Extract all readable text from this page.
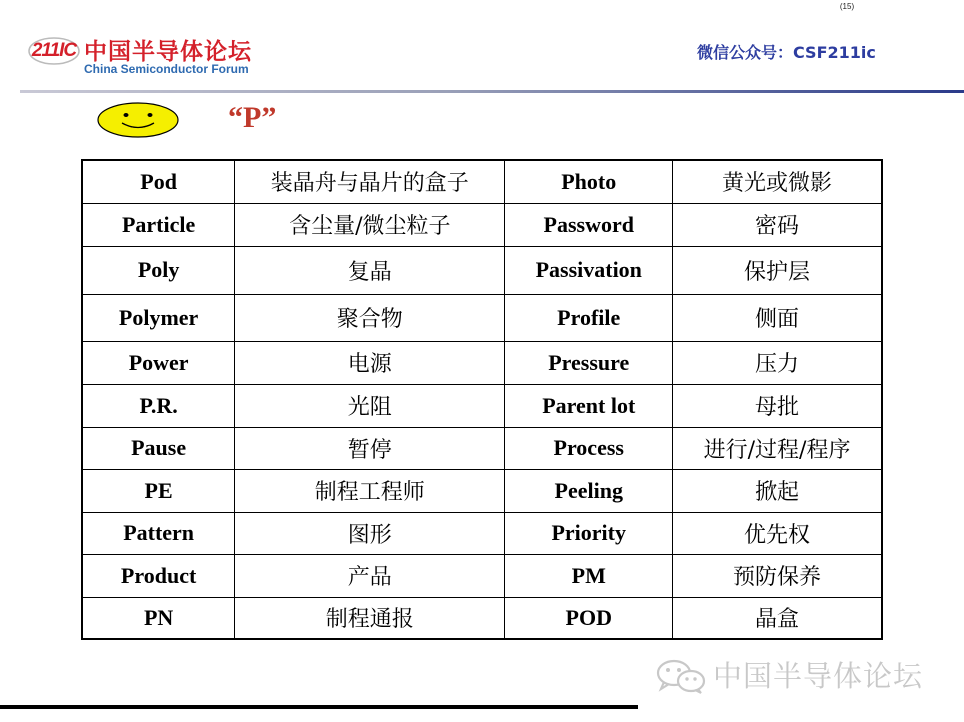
(15)
211IC 中国半导体论坛
China Semiconductor Forum
微信公众号：CSF211ic
“P”
Pod	装晶舟与晶片的盒子	Photo	黄光或微影
Particle	含尘量/微尘粒子	Password	密码
Poly	复晶	Passivation	保护层
Polymer	聚合物	Profile	侧面
Power	电源	Pressure	压力
P.R.	光阻	Parent lot	母批
Pause	暂停	Process	进行/过程/程序
PE	制程工程师	Peeling	掀起
Pattern	图形	Priority	优先权
Product	产品	PM	预防保养
PN	制程通报	POD	晶盒
中国半导体论坛
